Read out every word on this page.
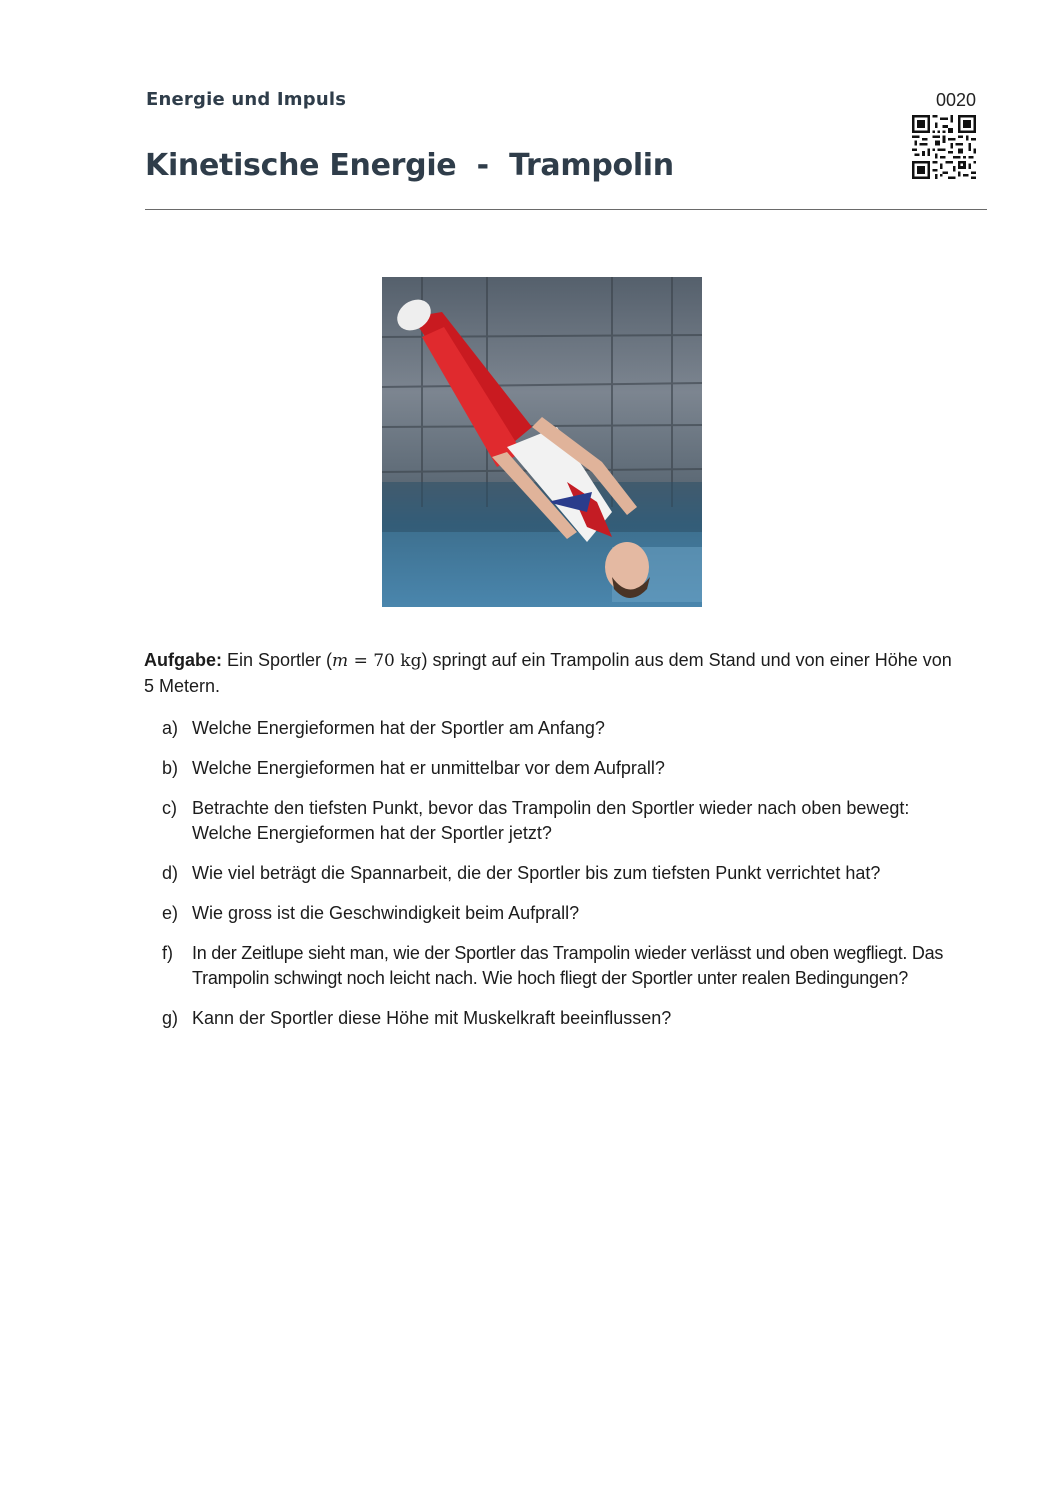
Energie und Impuls	0020
Kinetische Energie  -  Trampolin
Aufgabe: Ein Sportler (m = 70 kg) springt auf ein Trampolin aus dem Stand und von einer Höhe von 5 Metern.
a) Welche Energieformen hat der Sportler am Anfang?
b) Welche Energieformen hat er unmittelbar vor dem Aufprall?
c) Betrachte den tiefsten Punkt, bevor das Trampolin den Sportler wieder nach oben bewegt: Welche Energieformen hat der Sportler jetzt?
d) Wie viel beträgt die Spannarbeit, die der Sportler bis zum tiefsten Punkt verrichtet hat?
e) Wie gross ist die Geschwindigkeit beim Aufprall?
f)	In der Zeitlupe sieht man, wie der Sportler das Trampolin wieder verlässt und oben wegfliegt. Das Trampolin schwingt noch leicht nach. Wie hoch fliegt der Sportler unter realen Bedingungen?
g) Kann der Sportler diese Höhe mit Muskelkraft beeinflussen?
